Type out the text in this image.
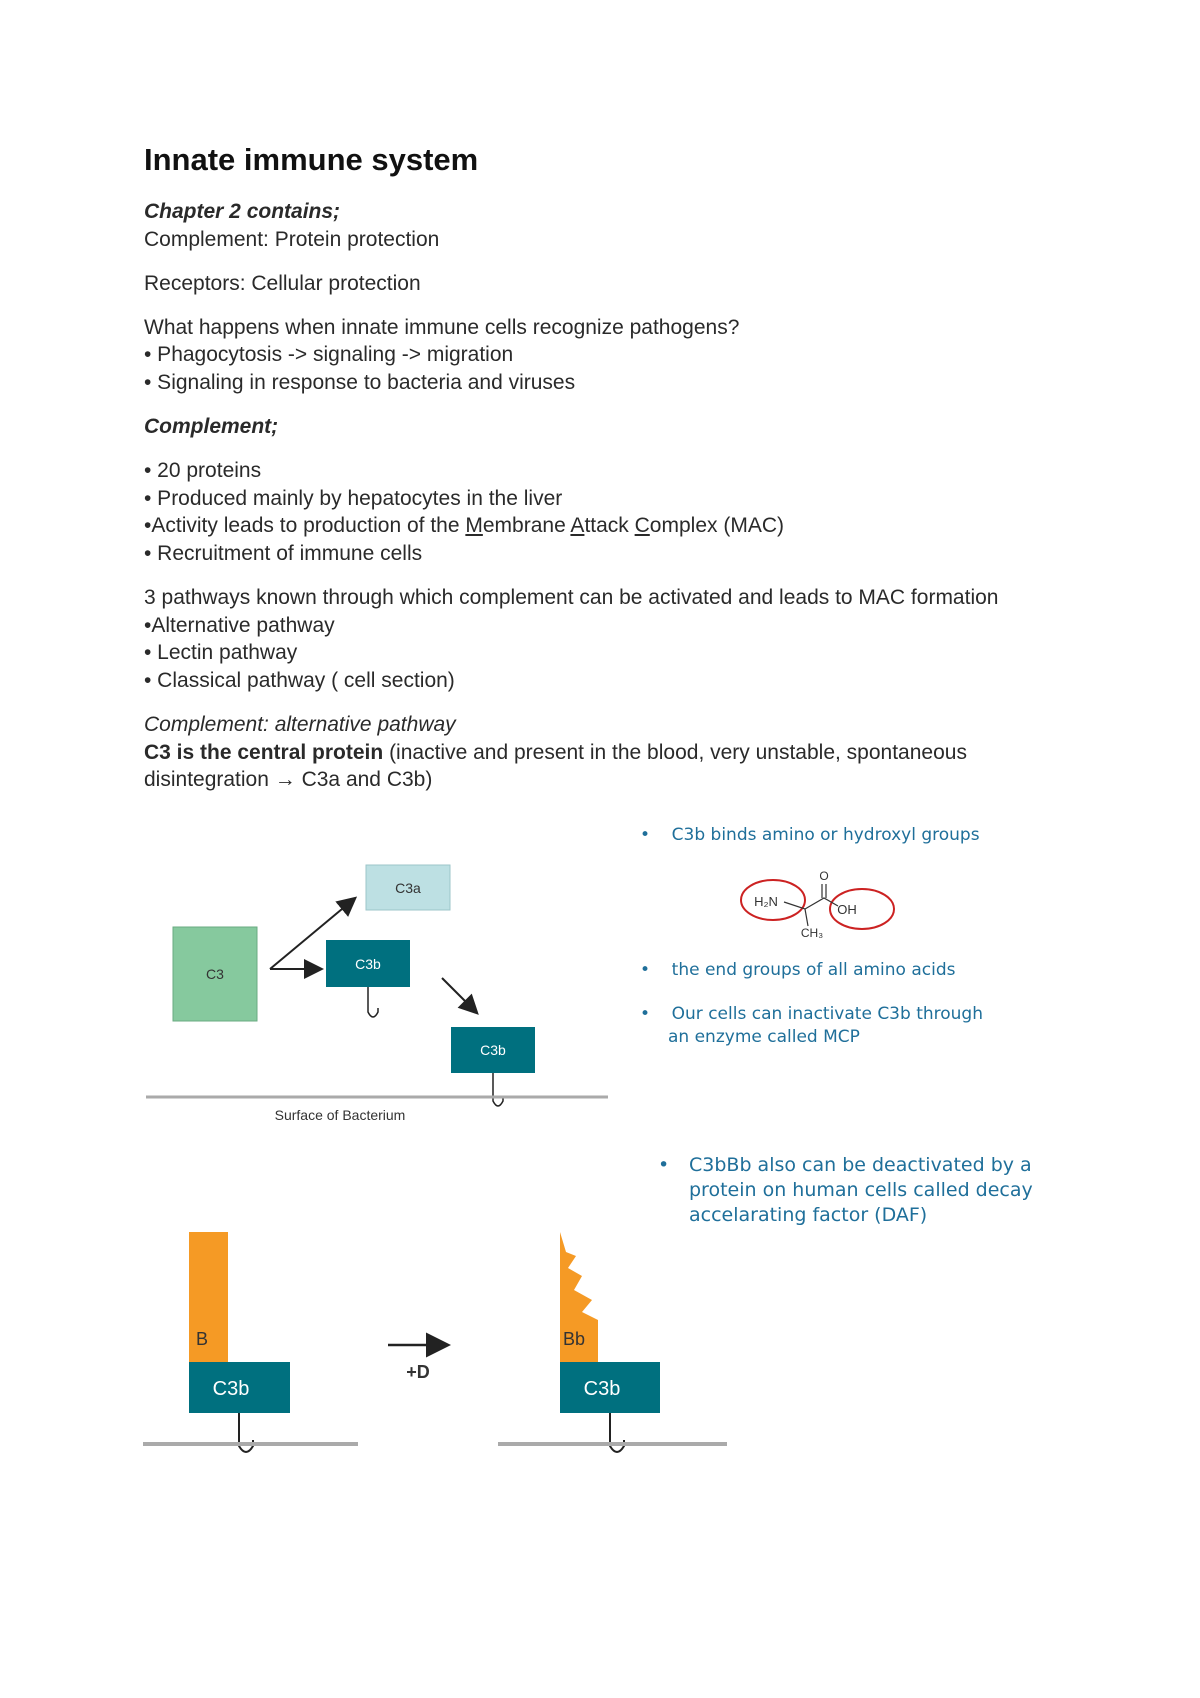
Innate immune system
Chapter 2 contains;
Complement: Protein protection
Receptors: Cellular protection
What happens when innate immune cells recognize pathogens?
• Phagocytosis -> signaling -> migration
• Signaling in response to bacteria and viruses
Complement;
• 20 proteins
• Produced mainly by hepatocytes in the liver
•Activity leads to production of the Membrane Attack Complex (MAC)
• Recruitment of immune cells
3 pathways known through which complement can be activated and leads to MAC formation
•Alternative pathway
• Lectin pathway
• Classical pathway ( cell section)
Complement: alternative pathway
C3 is the central protein (inactive and present in the blood, very unstable, spontaneous
disintegration → C3a and C3b)
C3
C3a
C3b
C3b
Surface of Bacterium
H₂N
OH
O
CH₃
B
C3b
+D
Bb
C3b
• C3b binds amino or hydroxyl groups
• the end groups of all amino acids
• Our cells can inactivate C3b through
an enzyme called MCP
• C3bBb also can be deactivated by a
protein on human cells called decay
accelarating factor (DAF)
